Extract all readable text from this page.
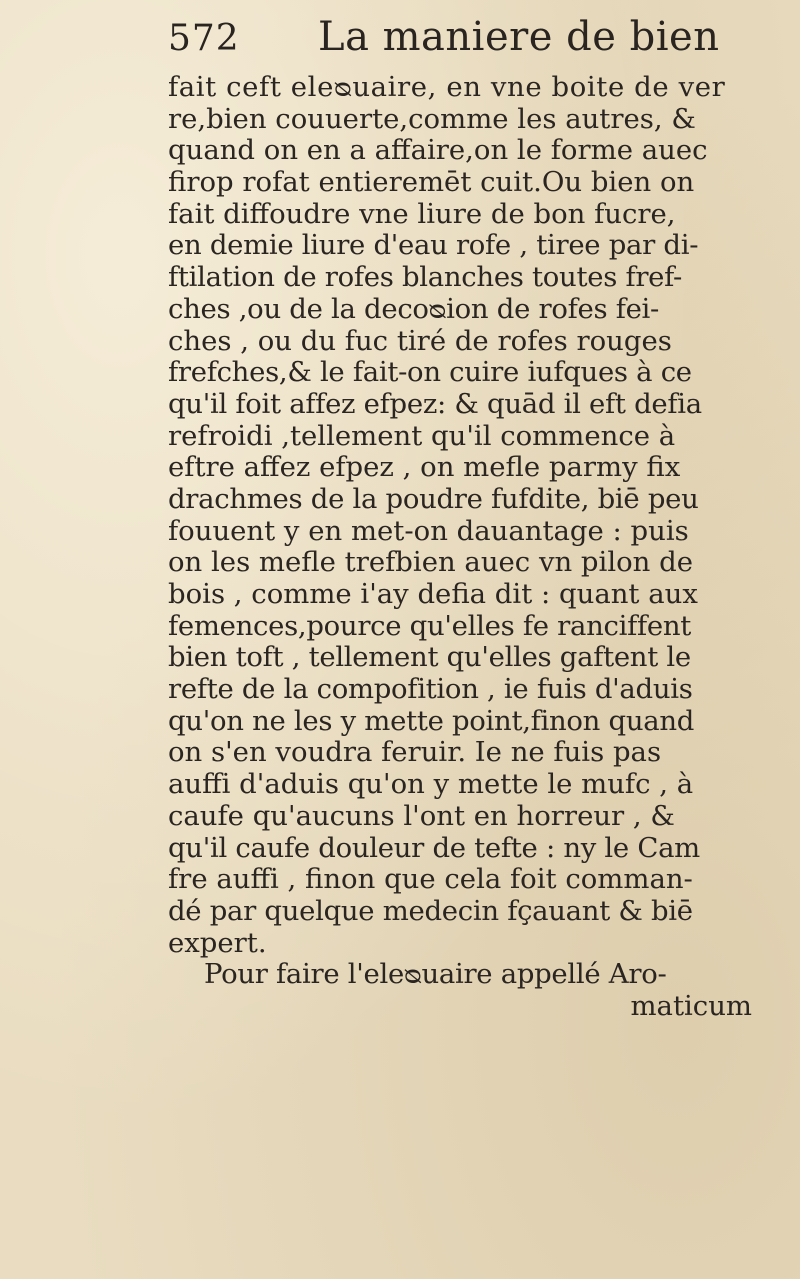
572 La maniere de bien
fait ceft eleᴓuaire, en vne boite de ver
re,bien couuerte,comme les autres, &
quand on en a affaire,on le forme auec
firop rofat entieremēt cuit.Ou bien on
fait diffoudre vne liure de bon fucre,
en demie liure d'eau rofe , tiree par di-
ftilation de rofes blanches toutes fref-
ches ,ou de la decoᴓion de rofes fei-
ches , ou du fuc tiré de rofes rouges
frefches,& le fait-on cuire iufques à ce
qu'il foit affez efpez: & quād il eft defia
refroidi ,tellement qu'il commence à
eftre affez efpez , on mefle parmy fix
drachmes de la poudre fufdite, biē peu
fouuent y en met-on dauantage : puis
on les mefle trefbien auec vn pilon de
bois , comme i'ay defia dit : quant aux
femences,pource qu'elles fe ranciffent
bien toft , tellement qu'elles gaftent le
refte de la compofition , ie fuis d'aduis
qu'on ne les y mette point,finon quand
on s'en voudra feruir. Ie ne fuis pas
auffi d'aduis qu'on y mette le mufc , à
caufe qu'aucuns l'ont en horreur , &
qu'il caufe douleur de tefte : ny le Cam
fre auffi , finon que cela foit comman-
dé par quelque medecin fçauant & biē
expert.
Pour faire l'eleᴓuaire appellé Aro-
maticum
